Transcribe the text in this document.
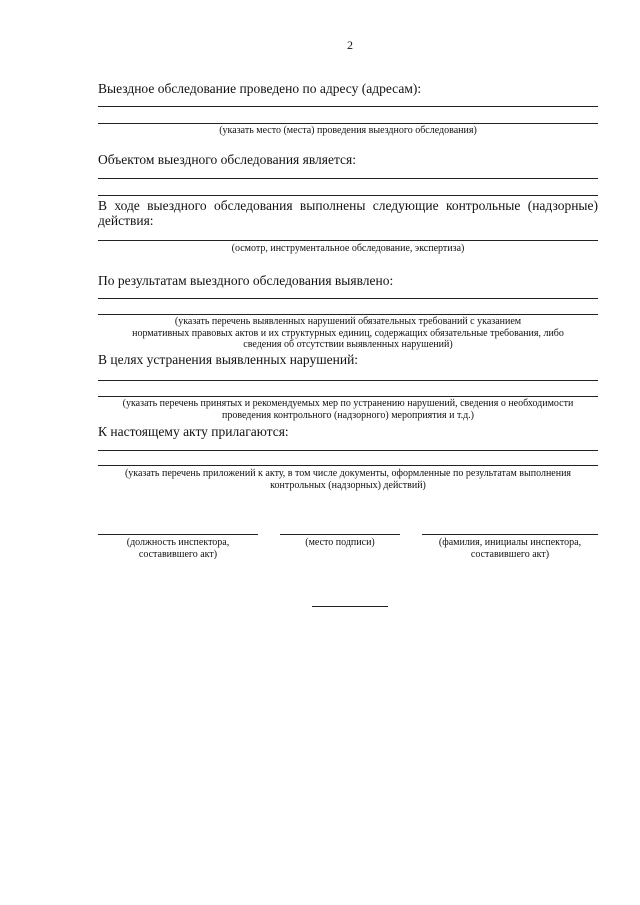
2
Выездное обследование проведено по адресу (адресам):
(указать место (места) проведения выездного обследования)
Объектом выездного обследования является:
В ходе выездного обследования выполнены следующие контрольные (надзорные)
действия:
(осмотр, инструментальное обследование, экспертиза)
По результатам выездного обследования выявлено:
(указать перечень выявленных нарушений обязательных требований с указанием
нормативных правовых актов и их структурных единиц, содержащих обязательные требования, либо
сведения об отсутствии выявленных нарушений)
В целях устранения выявленных нарушений:
(указать перечень принятых и рекомендуемых мер по устранению нарушений, сведения о необходимости
проведения контрольного (надзорного) мероприятия и т.д.)
К настоящему акту прилагаются:
(указать перечень приложений к акту, в том числе документы, оформленные по результатам выполнения
контрольных (надзорных) действий)
(должность инспектора,
составившего акт)
(место подписи)	(фамилия, инициалы инспектора,
составившего акт)
